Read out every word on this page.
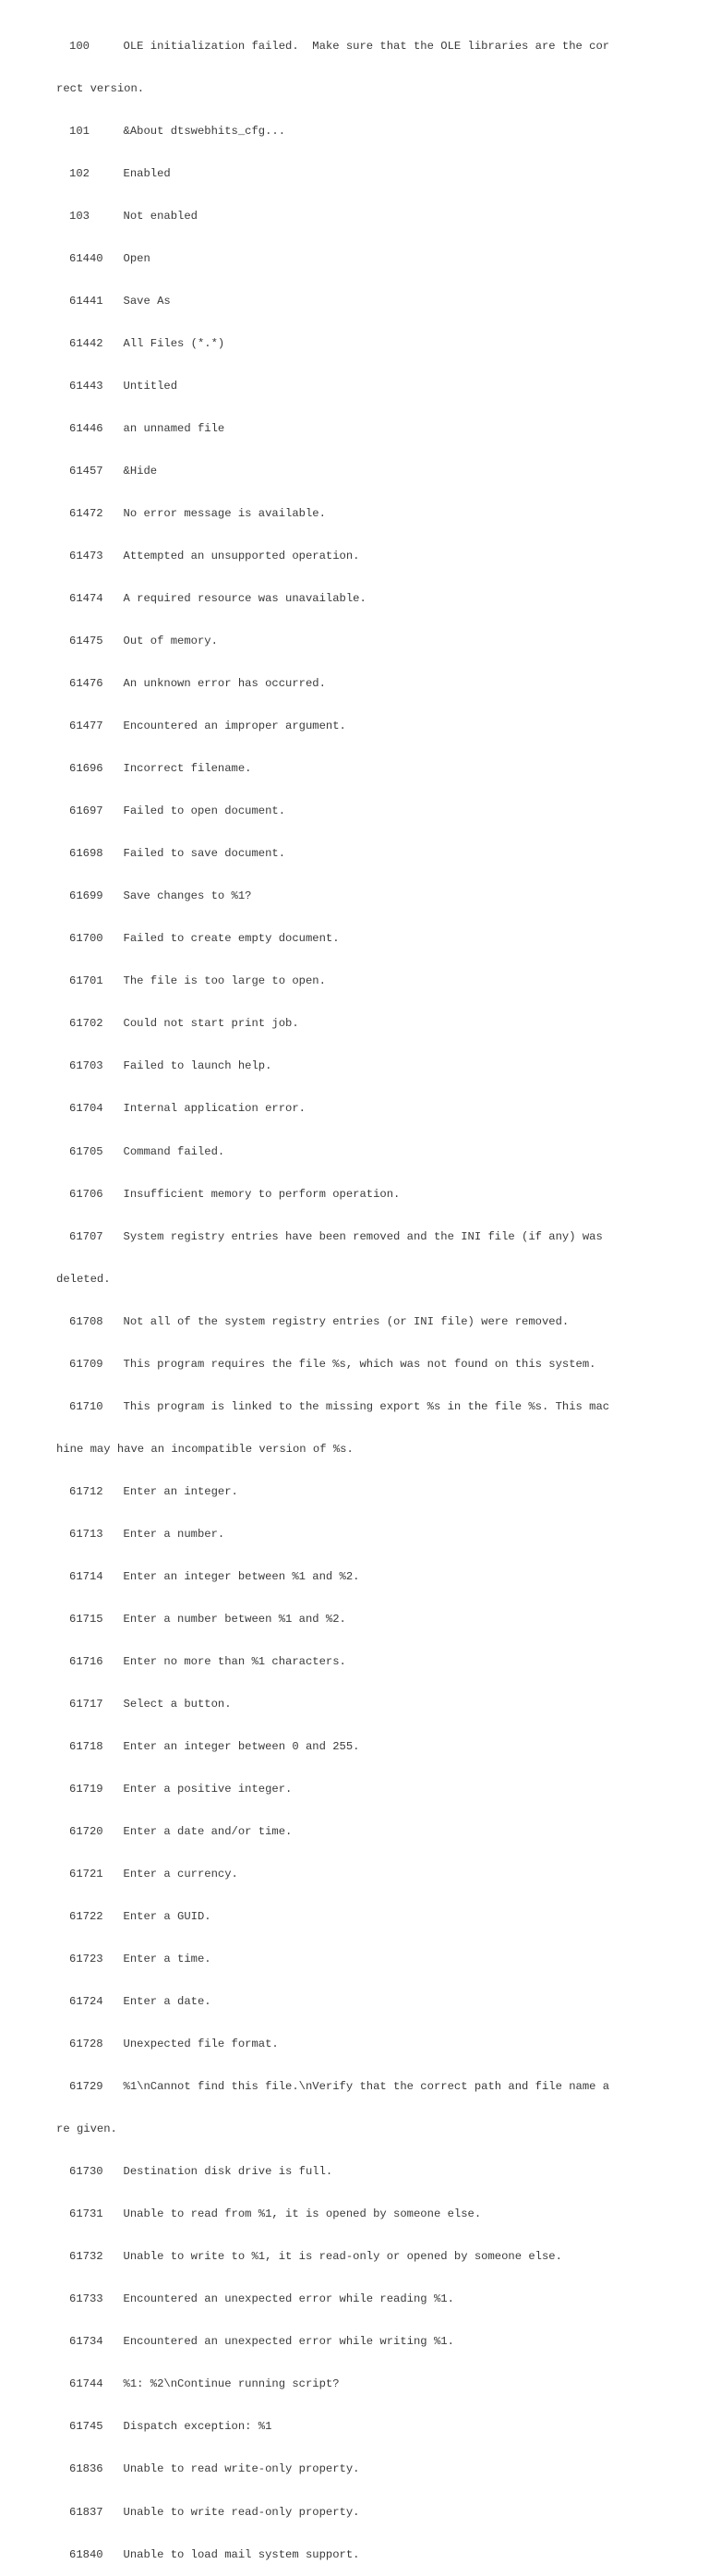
100     OLE initialization failed.  Make sure that the OLE libraries are the cor

rect version.

101     &About dtswebhits_cfg...

102     Enabled

103     Not enabled

61440   Open

61441   Save As

61442   All Files (*.*)

61443   Untitled

61446   an unnamed file

61457   &Hide

61472   No error message is available.

61473   Attempted an unsupported operation.

61474   A required resource was unavailable.

61475   Out of memory.

61476   An unknown error has occurred.

61477   Encountered an improper argument.

61696   Incorrect filename.

61697   Failed to open document.

61698   Failed to save document.

61699   Save changes to %1?

61700   Failed to create empty document.

61701   The file is too large to open.

61702   Could not start print job.

61703   Failed to launch help.

61704   Internal application error.

61705   Command failed.

61706   Insufficient memory to perform operation.

61707   System registry entries have been removed and the INI file (if any) was

deleted.

61708   Not all of the system registry entries (or INI file) were removed.

61709   This program requires the file %s, which was not found on this system.

61710   This program is linked to the missing export %s in the file %s. This mac

hine may have an incompatible version of %s.

61712   Enter an integer.

61713   Enter a number.

61714   Enter an integer between %1 and %2.

61715   Enter a number between %1 and %2.

61716   Enter no more than %1 characters.

61717   Select a button.

61718   Enter an integer between 0 and 255.

61719   Enter a positive integer.

61720   Enter a date and/or time.

61721   Enter a currency.

61722   Enter a GUID.

61723   Enter a time.

61724   Enter a date.

61728   Unexpected file format.

61729   %1\nCannot find this file.\nVerify that the correct path and file name a

re given.

61730   Destination disk drive is full.

61731   Unable to read from %1, it is opened by someone else.

61732   Unable to write to %1, it is read-only or opened by someone else.

61733   Encountered an unexpected error while reading %1.

61734   Encountered an unexpected error while writing %1.

61744   %1: %2\nContinue running script?

61745   Dispatch exception: %1

61836   Unable to read write-only property.

61837   Unable to write read-only property.

61840   Unable to load mail system support.
